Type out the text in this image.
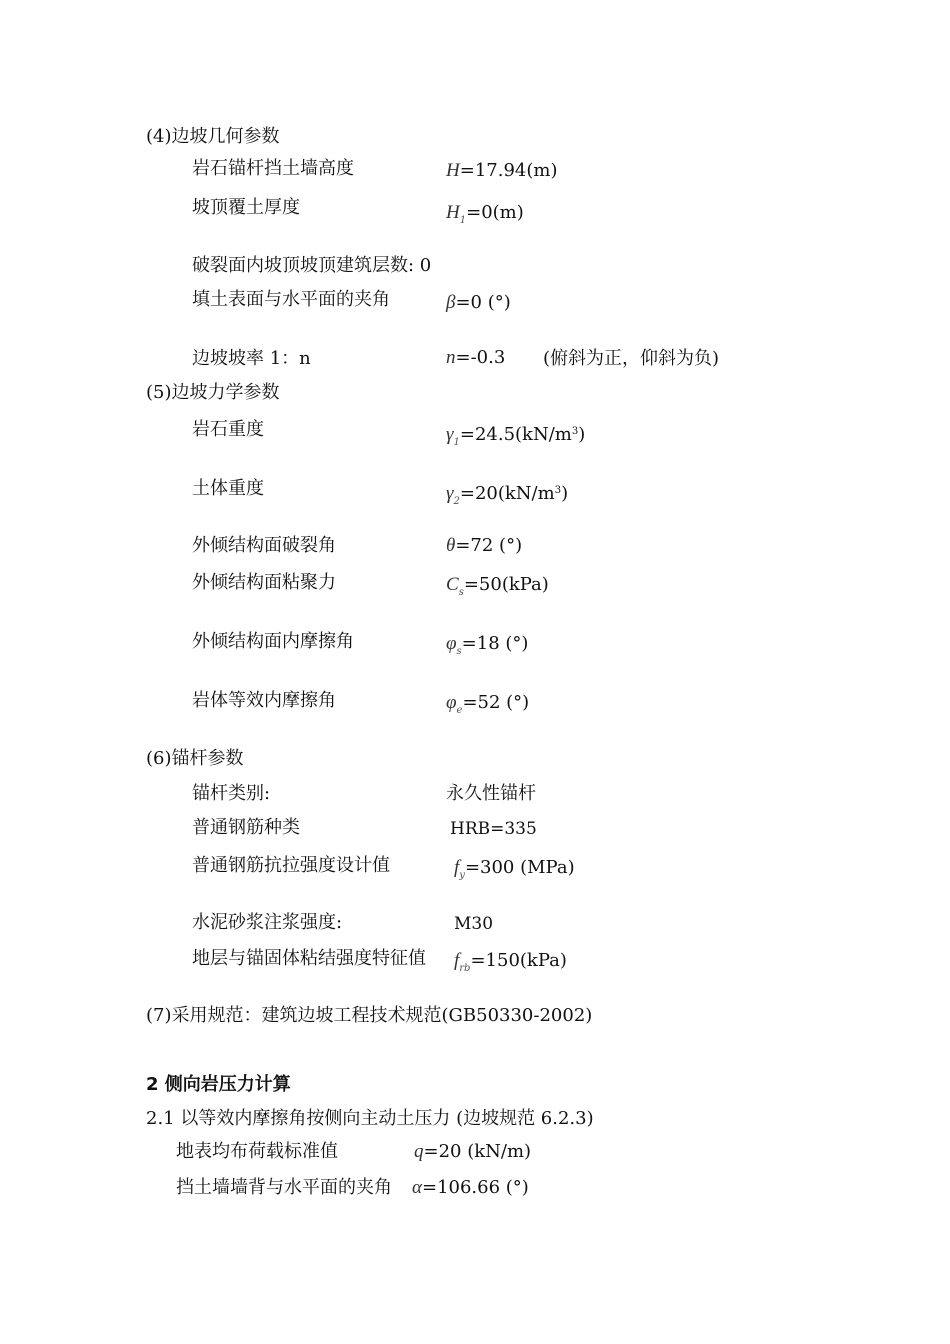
(4)边坡几何参数
岩石锚杆挡土墙高度	H=17.94(m)
坡顶覆土厚度	$H_1=0(m)$
破裂面内坡顶坡顶建筑层数: 0
填土表面与水平面的夹角	β=0 (°)
边坡坡率 1：n	n=-0.3 (俯斜为正，仰斜为负)
(5)边坡力学参数
岩石重度	$\gamma_1=24.5(kN/m^3)$
土体重度	$\gamma_2=20(kN/m^3)$
外倾结构面破裂角	θ=72 (°)
外倾结构面粘聚力	$C_s=50(kPa)$
外倾结构面内摩擦角	$\varphi_s=18$ (°)
岩体等效内摩擦角	$\varphi_e=52$ (°)
(6)锚杆参数
锚杆类别:	永久性锚杆
普通钢筋种类	HRB=335
普通钢筋抗拉强度设计值	$f_y=300$ (MPa)
水泥砂浆注浆强度:	M30
地层与锚固体粘结强度特征值 $f_{rb}=150(kPa)$
(7)采用规范：建筑边坡工程技术规范(GB50330-2002)
2 侧向岩压力计算
2.1 以等效内摩擦角按侧向主动土压力 (边坡规范 6.2.3)
地表均布荷载标准值	q=20 (kN/m)
挡土墙墙背与水平面的夹角 α=106.66 (°)
